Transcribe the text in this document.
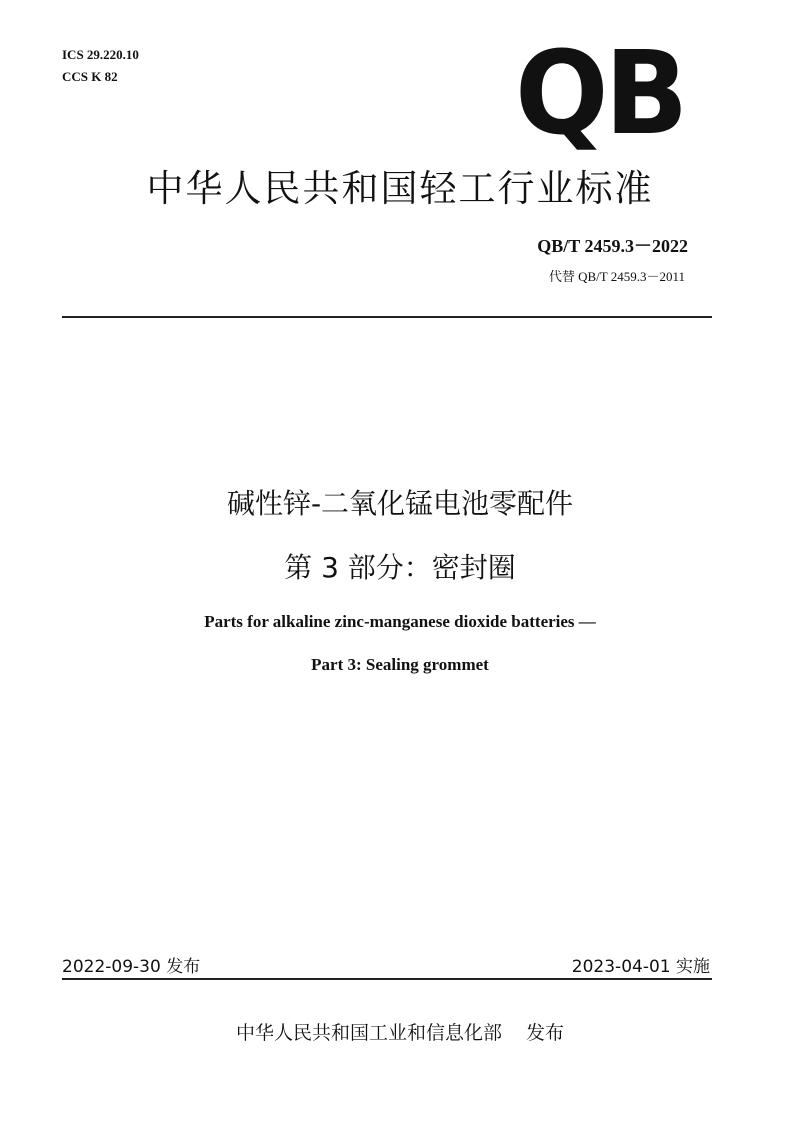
ICS 29.220.10
CCS K 82	QB
中华人民共和国轻工行业标准
QB/T 2459.3－2022
代替 QB/T 2459.3－2011
碱性锌-二氧化锰电池零配件
第 3 部分：密封圈
Parts for alkaline zinc-manganese dioxide batteries —
Part 3: Sealing grommet
2022-09-30 发布	2023-04-01 实施
中华人民共和国工业和信息化部 发布
